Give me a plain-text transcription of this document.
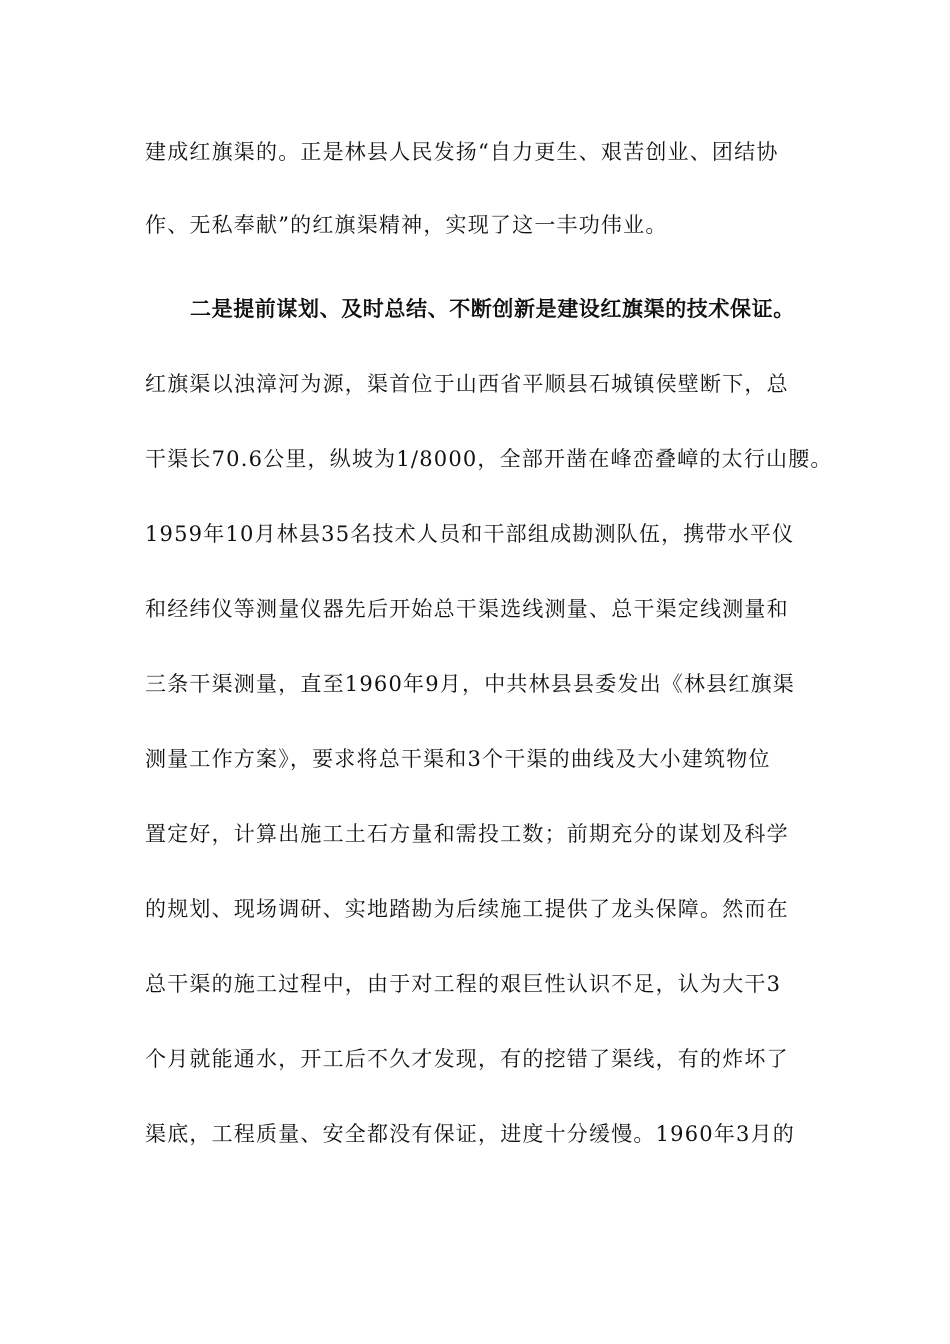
建成红旗渠的。正是林县人民发扬“自力更生、艰苦创业、团结协
作、无私奉献”的红旗渠精神，实现了这一丰功伟业。
二是提前谋划、及时总结、不断创新是建设红旗渠的技术保证。
红旗渠以浊漳河为源，渠首位于山西省平顺县石城镇侯壁断下，总
干渠长70.6公里，纵坡为1/8000，全部开凿在峰峦叠嶂的太行山腰。
1959年10月林县35名技术人员和干部组成勘测队伍，携带水平仪
和经纬仪等测量仪器先后开始总干渠选线测量、总干渠定线测量和
三条干渠测量，直至1960年9月，中共林县县委发出《林县红旗渠
测量工作方案》，要求将总干渠和3个干渠的曲线及大小建筑物位
置定好，计算出施工土石方量和需投工数；前期充分的谋划及科学
的规划、现场调研、实地踏勘为后续施工提供了龙头保障。然而在
总干渠的施工过程中，由于对工程的艰巨性认识不足，认为大干3
个月就能通水，开工后不久才发现，有的挖错了渠线，有的炸坏了
渠底，工程质量、安全都没有保证，进度十分缓慢。1960年3月的
